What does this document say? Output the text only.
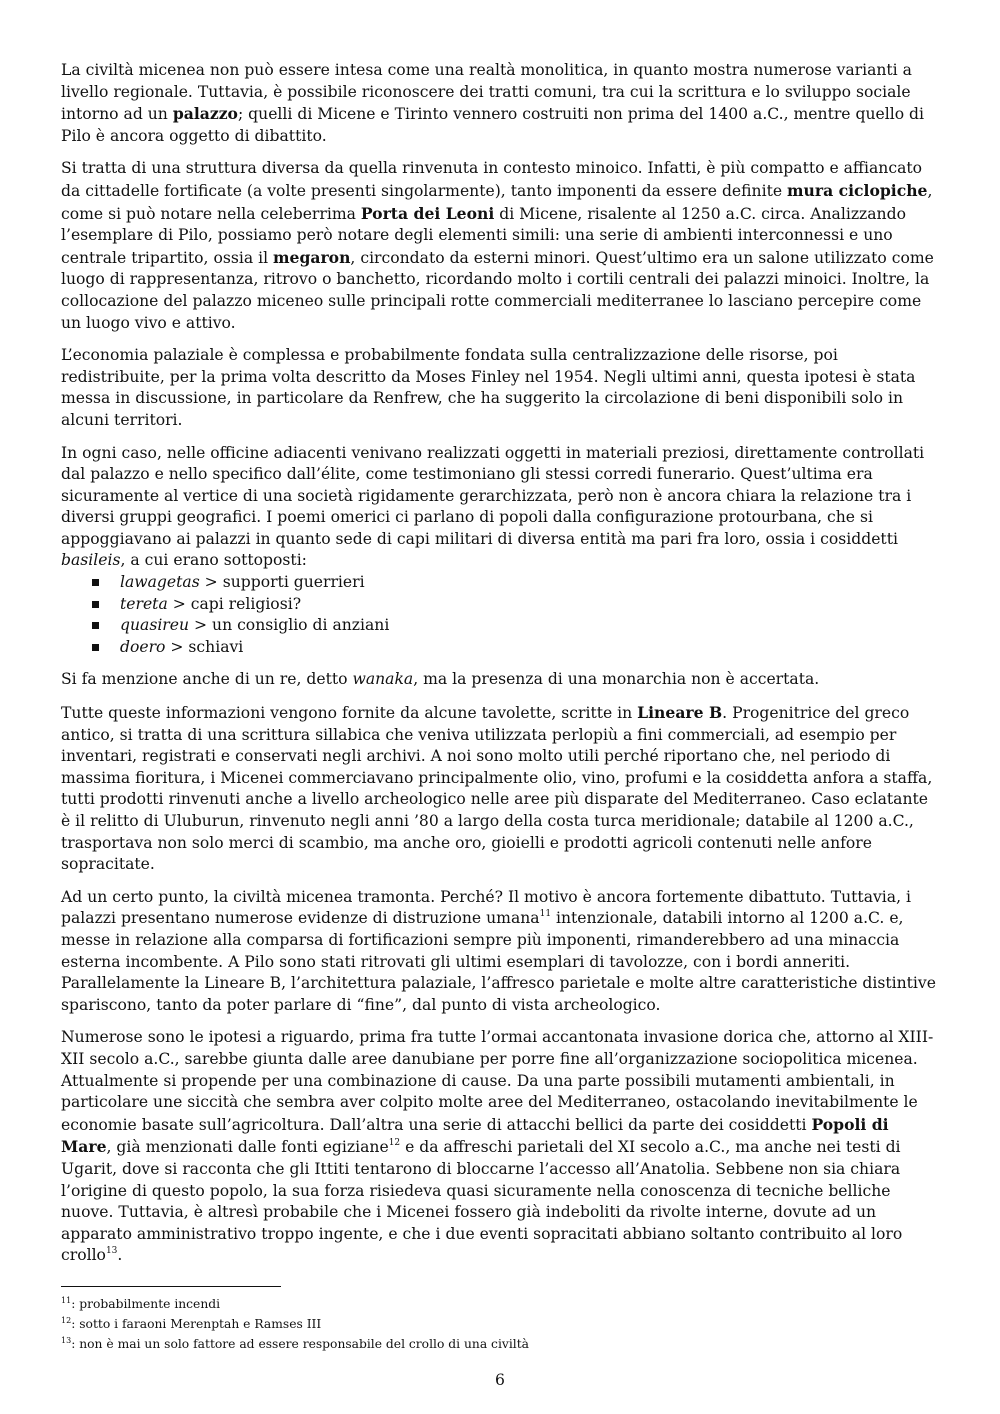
La civiltà micenea non può essere intesa come una realtà monolitica, in quanto mostra numerose varianti a livello regionale. Tuttavia, è possibile riconoscere dei tratti comuni, tra cui la scrittura e lo sviluppo sociale intorno ad un palazzo; quelli di Micene e Tirinto vennero costruiti non prima del 1400 a.C., mentre quello di Pilo è ancora oggetto di dibattito.

Si tratta di una struttura diversa da quella rinvenuta in contesto minoico. Infatti, è più compatto e affiancato da cittadelle fortificate (a volte presenti singolarmente), tanto imponenti da essere definite mura ciclopiche, come si può notare nella celeberrima Porta dei Leoni di Micene, risalente al 1250 a.C. circa. Analizzando l’esemplare di Pilo, possiamo però notare degli elementi simili: una serie di ambienti interconnessi e uno centrale tripartito, ossia il megaron, circondato da esterni minori. Quest’ultimo era un salone utilizzato come luogo di rappresentanza, ritrovo o banchetto, ricordando molto i cortili centrali dei palazzi minoici. Inoltre, la collocazione del palazzo miceneo sulle principali rotte commerciali mediterranee lo lasciano percepire come un luogo vivo e attivo.

L’economia palaziale è complessa e probabilmente fondata sulla centralizzazione delle risorse, poi redistribuite, per la prima volta descritto da Moses Finley nel 1954. Negli ultimi anni, questa ipotesi è stata messa in discussione, in particolare da Renfrew, che ha suggerito la circolazione di beni disponibili solo in alcuni territori.

In ogni caso, nelle officine adiacenti venivano realizzati oggetti in materiali preziosi, direttamente controllati dal palazzo e nello specifico dall’élite, come testimoniano gli stessi corredi funerario. Quest’ultima era sicuramente al vertice di una società rigidamente gerarchizzata, però non è ancora chiara la relazione tra i diversi gruppi geografici. I poemi omerici ci parlano di popoli dalla configurazione protourbana, che si appoggiavano ai palazzi in quanto sede di capi militari di diversa entità ma pari fra loro, ossia i cosiddetti basileis, a cui erano sottoposti:

lawagetas > supporti guerrieri
tereta > capi religiosi?
quasireu > un consiglio di anziani
doero > schiavi

Si fa menzione anche di un re, detto wanaka, ma la presenza di una monarchia non è accertata.

Tutte queste informazioni vengono fornite da alcune tavolette, scritte in Lineare B. Progenitrice del greco antico, si tratta di una scrittura sillabica che veniva utilizzata perlopiù a fini commerciali, ad esempio per inventari, registrati e conservati negli archivi. A noi sono molto utili perché riportano che, nel periodo di massima fioritura, i Micenei commerciavano principalmente olio, vino, profumi e la cosiddetta anfora a staffa, tutti prodotti rinvenuti anche a livello archeologico nelle aree più disparate del Mediterraneo. Caso eclatante è il relitto di Uluburun, rinvenuto negli anni ’80 a largo della costa turca meridionale; databile al 1200 a.C., trasportava non solo merci di scambio, ma anche oro, gioielli e prodotti agricoli contenuti nelle anfore sopracitate.

Ad un certo punto, la civiltà micenea tramonta. Perché? Il motivo è ancora fortemente dibattuto. Tuttavia, i palazzi presentano numerose evidenze di distruzione umana$^{11}$ intenzionale, databili intorno al 1200 a.C. e, messe in relazione alla comparsa di fortificazioni sempre più imponenti, rimanderebbero ad una minaccia esterna incombente. A Pilo sono stati ritrovati gli ultimi esemplari di tavolozze, con i bordi anneriti. Parallelamente la Lineare B, l’architettura palaziale, l’affresco parietale e molte altre caratteristiche distintive spariscono, tanto da poter parlare di “fine”, dal punto di vista archeologico.

Numerose sono le ipotesi a riguardo, prima fra tutte l’ormai accantonata invasione dorica che, attorno al XIII-XII secolo a.C., sarebbe giunta dalle aree danubiane per porre fine all’organizzazione sociopolitica micenea. Attualmente si propende per una combinazione di cause. Da una parte possibili mutamenti ambientali, in particolare une siccità che sembra aver colpito molte aree del Mediterraneo, ostacolando inevitabilmente le economie basate sull’agricoltura. Dall’altra una serie di attacchi bellici da parte dei cosiddetti Popoli di Mare, già menzionati dalle fonti egiziane$^{12}$ e da affreschi parietali del XI secolo a.C., ma anche nei testi di Ugarit, dove si racconta che gli Ittiti tentarono di bloccarne l’accesso all’Anatolia. Sebbene non sia chiara l’origine di questo popolo, la sua forza risiedeva quasi sicuramente nella conoscenza di tecniche belliche nuove. Tuttavia, è altresì probabile che i Micenei fossero già indeboliti da rivolte interne, dovute ad un apparato amministrativo troppo ingente, e che i due eventi sopracitati abbiano soltanto contribuito al loro crollo$^{13}$.

$^{11}$: probabilmente incendi
$^{12}$: sotto i faraoni Merenptah e Ramses III
$^{13}$: non è mai un solo fattore ad essere responsabile del crollo di una civiltà
6
